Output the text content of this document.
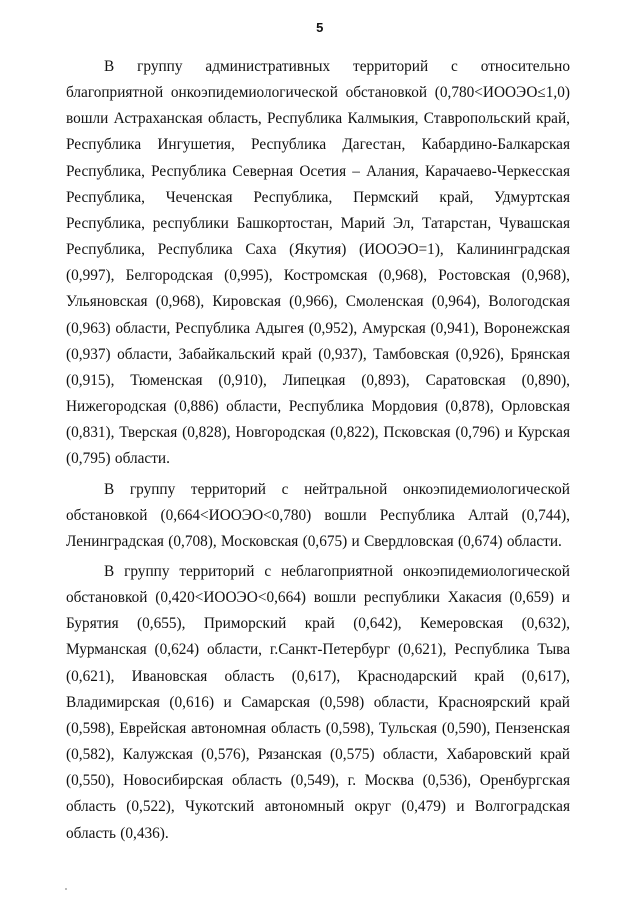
5

В группу административных территорий с относительно благоприятной онкоэпидемиологической обстановкой (0,780<ИООЭО≤1,0) вошли Астраханская область, Республика Калмыкия, Ставропольский край, Республика Ингушетия, Республика Дагестан, Кабардино-Балкарская Республика, Республика Северная Осетия – Алания, Карачаево-Черкесская Республика, Чеченская Республика, Пермский край, Удмуртская Республика, республики Башкортостан, Марий Эл, Татарстан, Чувашская Республика, Республика Саха (Якутия) (ИООЭО=1), Калининградская (0,997), Белгородская (0,995), Костромская (0,968), Ростовская (0,968), Ульяновская (0,968), Кировская (0,966), Смоленская (0,964), Вологодская (0,963) области, Республика Адыгея (0,952), Амурская (0,941), Воронежская (0,937) области, Забайкальский край (0,937), Тамбовская (0,926), Брянская (0,915), Тюменская (0,910), Липецкая (0,893), Саратовская (0,890), Нижегородская (0,886) области, Республика Мордовия (0,878), Орловская (0,831), Тверская (0,828), Новгородская (0,822), Псковская (0,796) и Курская (0,795) области.

В группу территорий с нейтральной онкоэпидемиологической обстановкой (0,664<ИООЭО<0,780) вошли Республика Алтай (0,744), Ленинградская (0,708), Московская (0,675) и Свердловская (0,674) области.

В группу территорий с неблагоприятной онкоэпидемиологической обстановкой (0,420<ИООЭО<0,664) вошли республики Хакасия (0,659) и Бурятия (0,655), Приморский край (0,642), Кемеровская (0,632), Мурманская (0,624) области, г.Санкт-Петербург (0,621), Республика Тыва (0,621), Ивановская область (0,617), Краснодарский край (0,617), Владимирская (0,616) и Самарская (0,598) области, Красноярский край (0,598), Еврейская автономная область (0,598), Тульская (0,590), Пензенская (0,582), Калужская (0,576), Рязанская (0,575) области, Хабаровский край (0,550), Новосибирская область (0,549), г. Москва (0,536), Оренбургская область (0,522), Чукотский автономный округ (0,479) и Волгоградская область (0,436).
